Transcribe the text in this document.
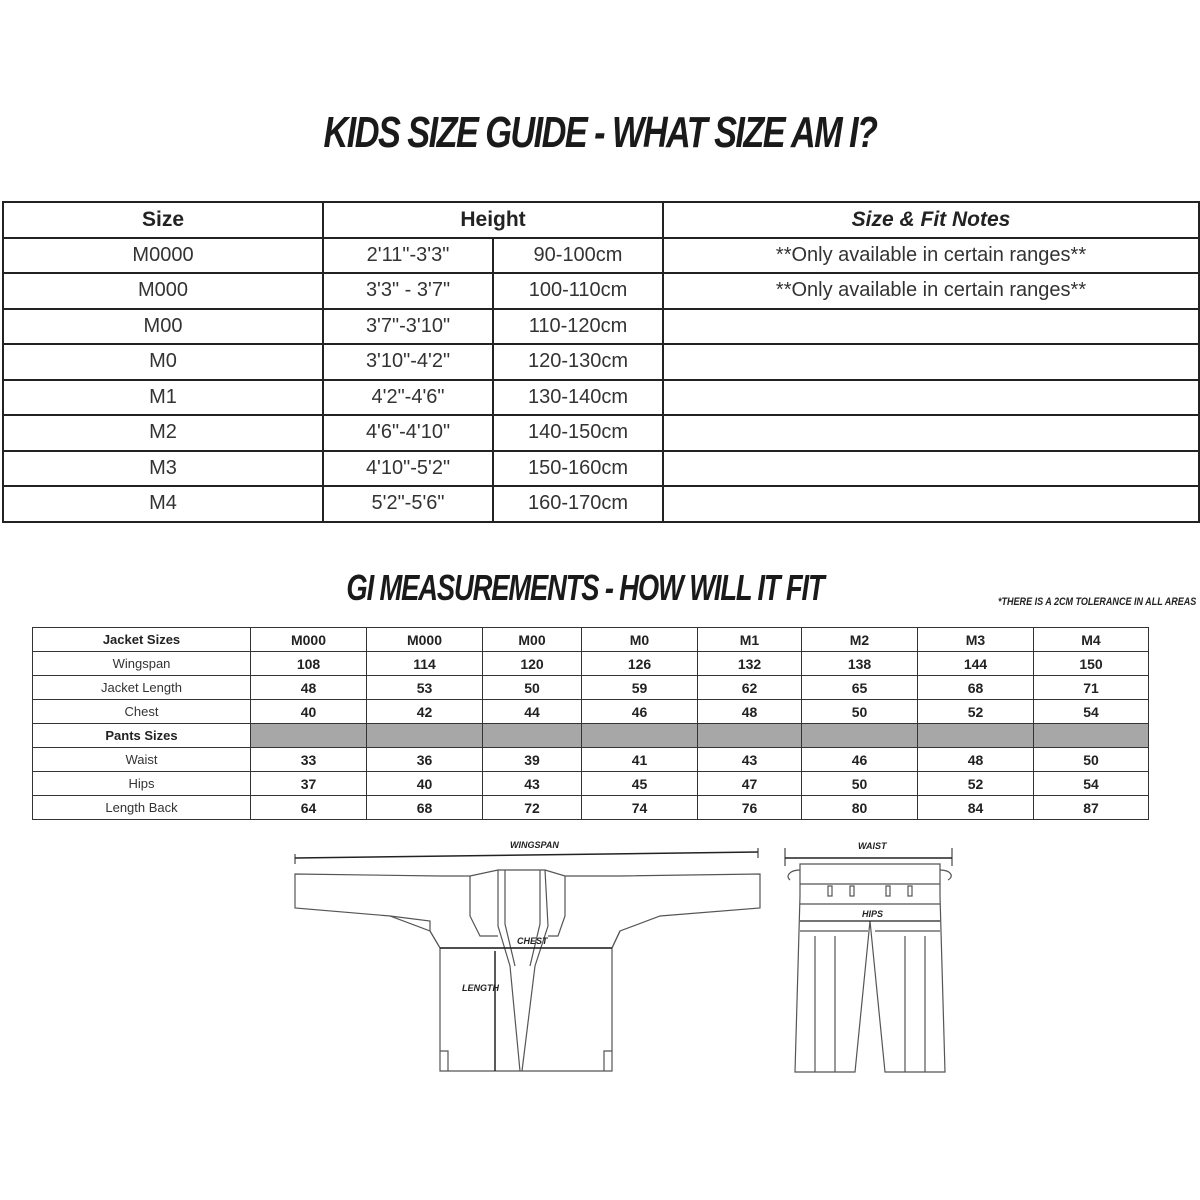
KIDS SIZE GUIDE - WHAT SIZE AM I?
Size	Height		Size & Fit Notes
M0000	2'11"-3'3"	90-100cm	**Only available in certain ranges**
M000	3'3" - 3'7"	100-110cm	**Only available in certain ranges**
M00	3'7"-3'10"	110-120cm	
M0	3'10"-4'2"	120-130cm	
M1	4'2"-4'6"	130-140cm	
M2	4'6"-4'10"	140-150cm	
M3	4'10"-5'2"	150-160cm	
M4	5'2"-5'6"	160-170cm	
GI MEASUREMENTS - HOW WILL IT FIT	*THERE IS A 2CM TOLERANCE IN ALL AREAS
Jacket Sizes	M000	M000	M00	M0	M1	M2	M3	M4
Wingspan	108	114	120	126	132	138	144	150
Jacket Length	48	53	50	59	62	65	68	71
Chest	40	42	44	46	48	50	52	54
Pants Sizes								
Waist	33	36	39	41	43	46	48	50
Hips	37	40	43	45	47	50	52	54
Length Back	64	68	72	74	76	80	84	87
WINGSPAN
CHEST
LENGTH
WAIST
HIPS
